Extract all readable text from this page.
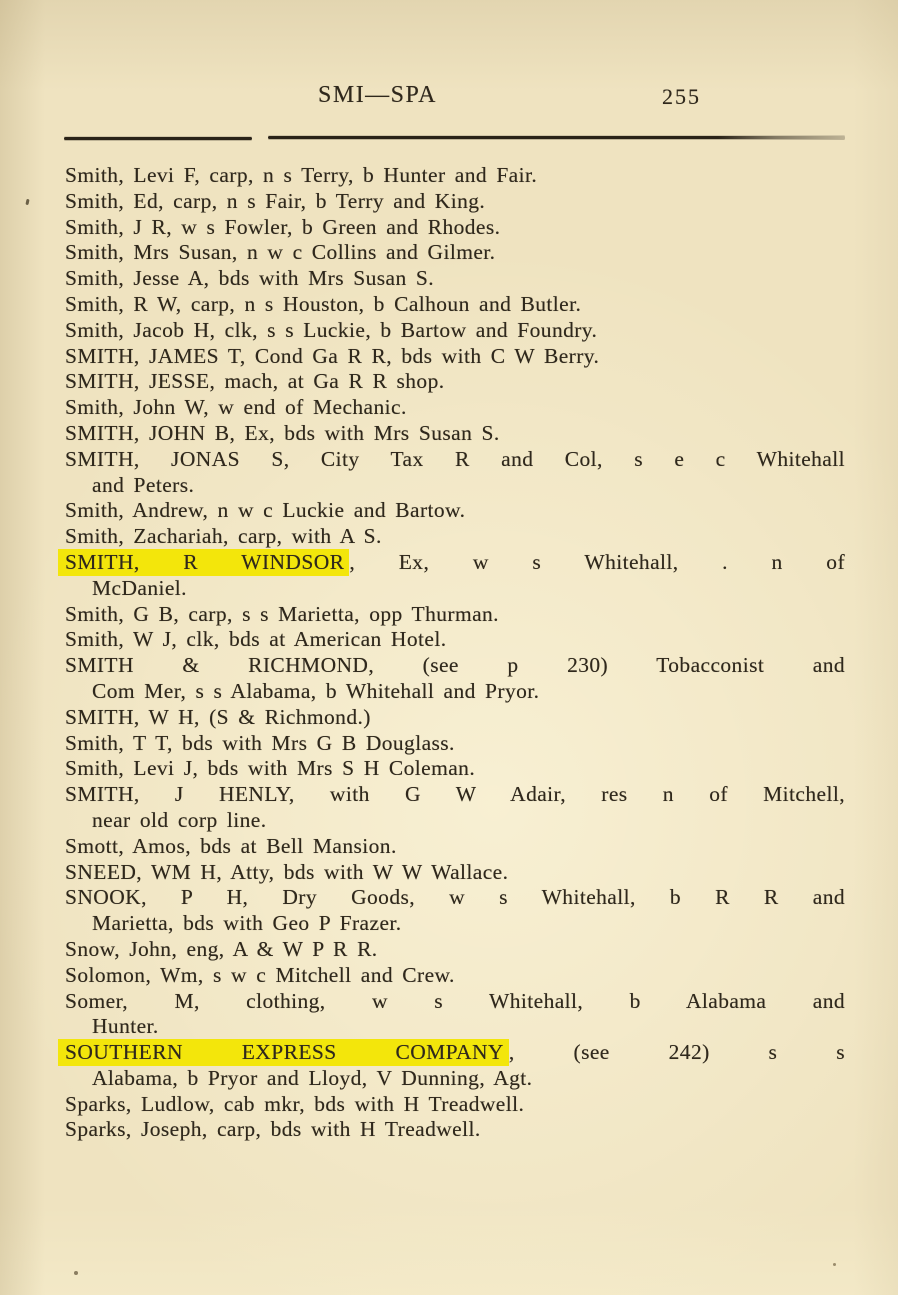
SMI—SPA	255
Smith, Levi F, carp, n s Terry, b Hunter and Fair.
Smith, Ed, carp, n s Fair, b Terry and King.
Smith, J R, w s Fowler, b Green and Rhodes.
Smith, Mrs Susan, n w c Collins and Gilmer.
Smith, Jesse A, bds with Mrs Susan S.
Smith, R W, carp, n s Houston, b Calhoun and Butler.
Smith, Jacob H, clk, s s Luckie, b Bartow and Foundry.
SMITH, JAMES T, Cond Ga R R, bds with C W Berry.
SMITH, JESSE, mach, at Ga R R shop.
Smith, John W, w end of Mechanic.
SMITH, JOHN B, Ex, bds with Mrs Susan S.
SMITH, JONAS S, City Tax R and Col, s e c Whitehall
and Peters.
Smith, Andrew, n w c Luckie and Bartow.
Smith, Zachariah, carp, with A S.
SMITH, R WINDSOR , Ex, w s Whitehall, . n of
McDaniel.
Smith, G B, carp, s s Marietta, opp Thurman.
Smith, W J, clk, bds at American Hotel.
SMITH & RICHMOND, (see p 230) Tobacconist and
Com Mer, s s Alabama, b Whitehall and Pryor.
SMITH, W H, (S & Richmond.)
Smith, T T, bds with Mrs G B Douglass.
Smith, Levi J, bds with Mrs S H Coleman.
SMITH, J HENLY, with G W Adair, res n of Mitchell,
near old corp line.
Smott, Amos, bds at Bell Mansion.
SNEED, WM H, Atty, bds with W W Wallace.
SNOOK, P H, Dry Goods, w s Whitehall, b R R and
Marietta, bds with Geo P Frazer.
Snow, John, eng, A & W P R R.
Solomon, Wm, s w c Mitchell and Crew.
Somer, M, clothing, w s Whitehall, b Alabama and
Hunter.
SOUTHERN EXPRESS COMPANY , (see 242) s s
Alabama, b Pryor and Lloyd, V Dunning, Agt.
Sparks, Ludlow, cab mkr, bds with H Treadwell.
Sparks, Joseph, carp, bds with H Treadwell.
